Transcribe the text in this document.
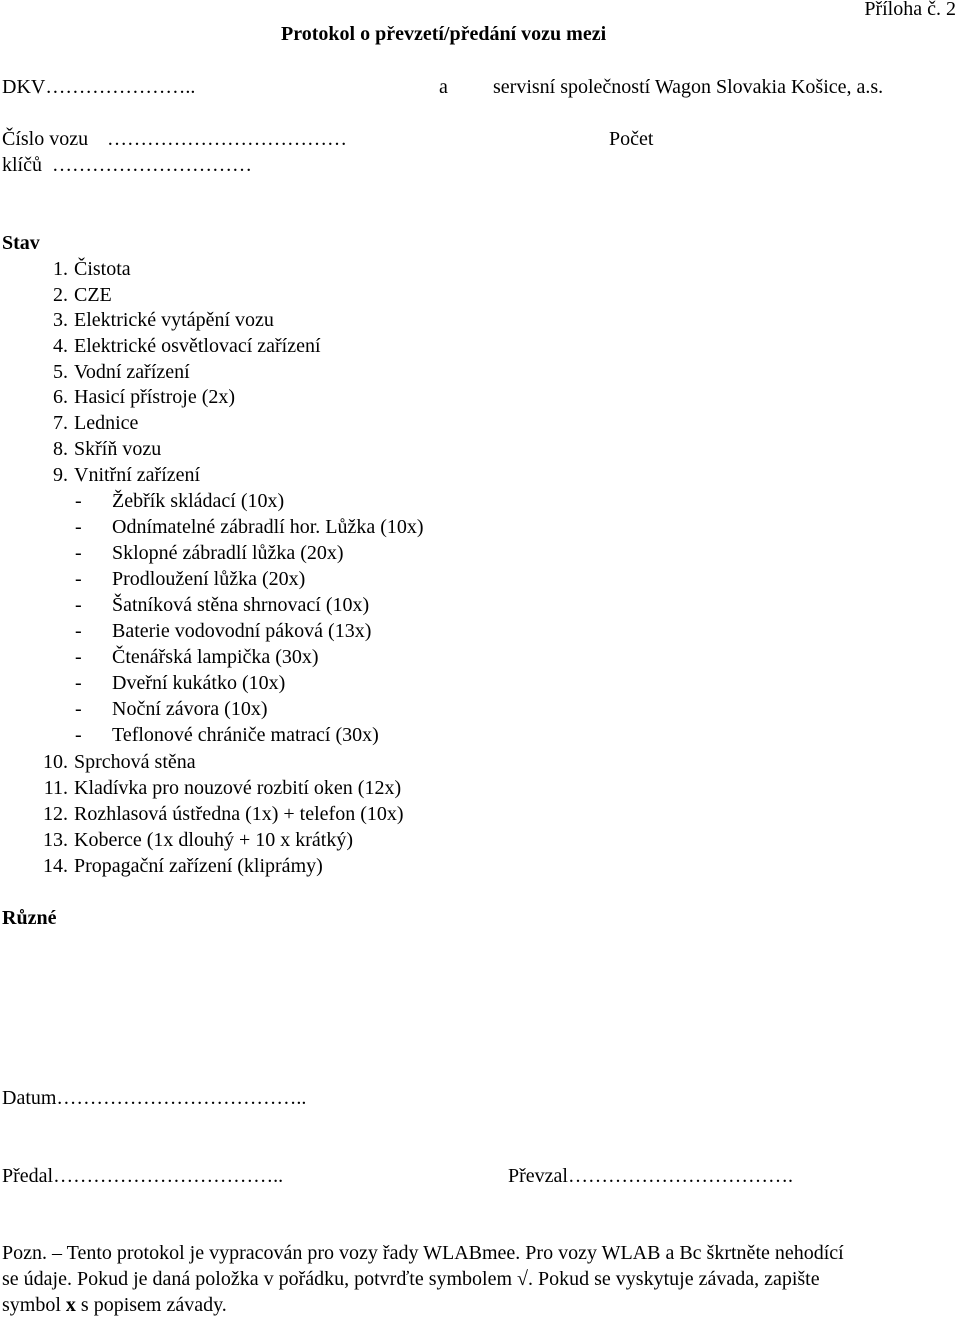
Protokol o převzetí/předání vozu mezi
Příloha č. 2
DKV…………………..	a servisní společností Wagon Slovakia Košice, a.s.
Číslo vozu ………………………………	Počet
klíčů …………………………
Stav
1. Čistota
2. CZE
3. Elektrické vytápění vozu
4. Elektrické osvětlovací zařízení
5. Vodní zařízení
6. Hasicí přístroje (2x)
7. Lednice
8. Skříň vozu
9. Vnitřní zařízení
- Žebřík skládací (10x)
- Odnímatelné zábradlí hor. Lůžka (10x)
- Sklopné zábradlí lůžka (20x)
- Prodloužení lůžka (20x)
- Šatníková stěna shrnovací (10x)
- Baterie vodovodní páková (13x)
- Čtenářská lampička (30x)
- Dveřní kukátko (10x)
- Noční závora (10x)
- Teflonové chrániče matrací (30x)
10. Sprchová stěna
11. Kladívka pro nouzové rozbití oken (12x)
12. Rozhlasová ústředna (1x) + telefon (10x)
13. Koberce (1x dlouhý + 10 x krátký)
14. Propagační zařízení (kliprámy)
Různé
Datum………………………………..
Předal……………………………..	Převzal…………………………….
Pozn. – Tento protokol je vypracován pro vozy řady WLABmee. Pro vozy WLAB a Bc škrtněte nehodící
se údaje. Pokud je daná položka v pořádku, potvrďte symbolem √. Pokud se vyskytuje závada, zapište
symbol x s popisem závady.
